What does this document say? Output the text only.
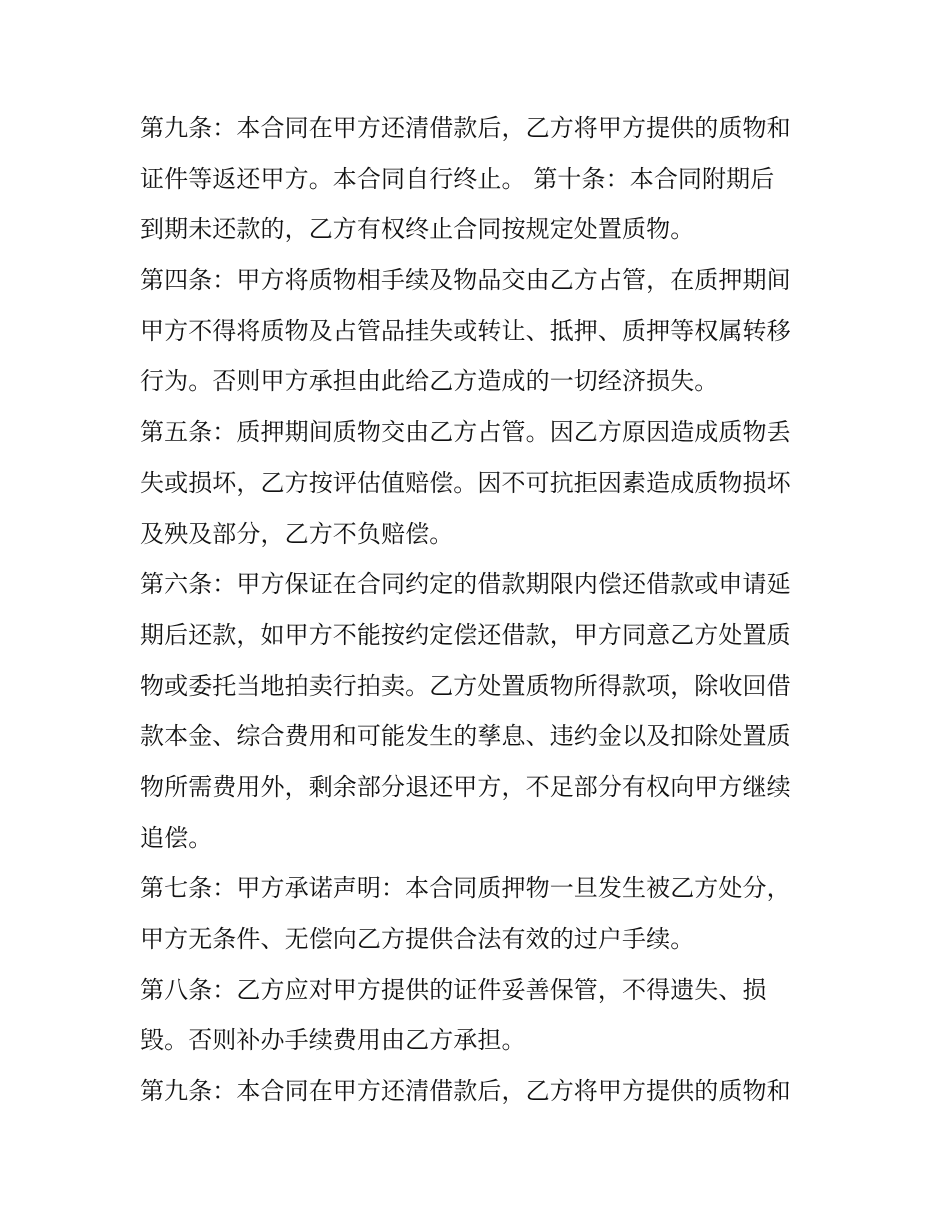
第九条：本合同在甲方还清借款后，乙方将甲方提供的质物和
证件等返还甲方。本合同自行终止。 第十条：本合同附期后
到期未还款的，乙方有权终止合同按规定处置质物。
第四条：甲方将质物相手续及物品交由乙方占管，在质押期间
甲方不得将质物及占管品挂失或转让、抵押、质押等权属转移
行为。否则甲方承担由此给乙方造成的一切经济损失。
第五条：质押期间质物交由乙方占管。因乙方原因造成质物丢
失或损坏，乙方按评估值赔偿。因不可抗拒因素造成质物损坏
及殃及部分，乙方不负赔偿。
第六条：甲方保证在合同约定的借款期限内偿还借款或申请延
期后还款，如甲方不能按约定偿还借款，甲方同意乙方处置质
物或委托当地拍卖行拍卖。乙方处置质物所得款项，除收回借
款本金、综合费用和可能发生的孳息、违约金以及扣除处置质
物所需费用外，剩余部分退还甲方，不足部分有权向甲方继续
追偿。
第七条：甲方承诺声明：本合同质押物一旦发生被乙方处分，
甲方无条件、无偿向乙方提供合法有效的过户手续。
第八条：乙方应对甲方提供的证件妥善保管，不得遗失、损
毁。否则补办手续费用由乙方承担。
第九条：本合同在甲方还清借款后，乙方将甲方提供的质物和
